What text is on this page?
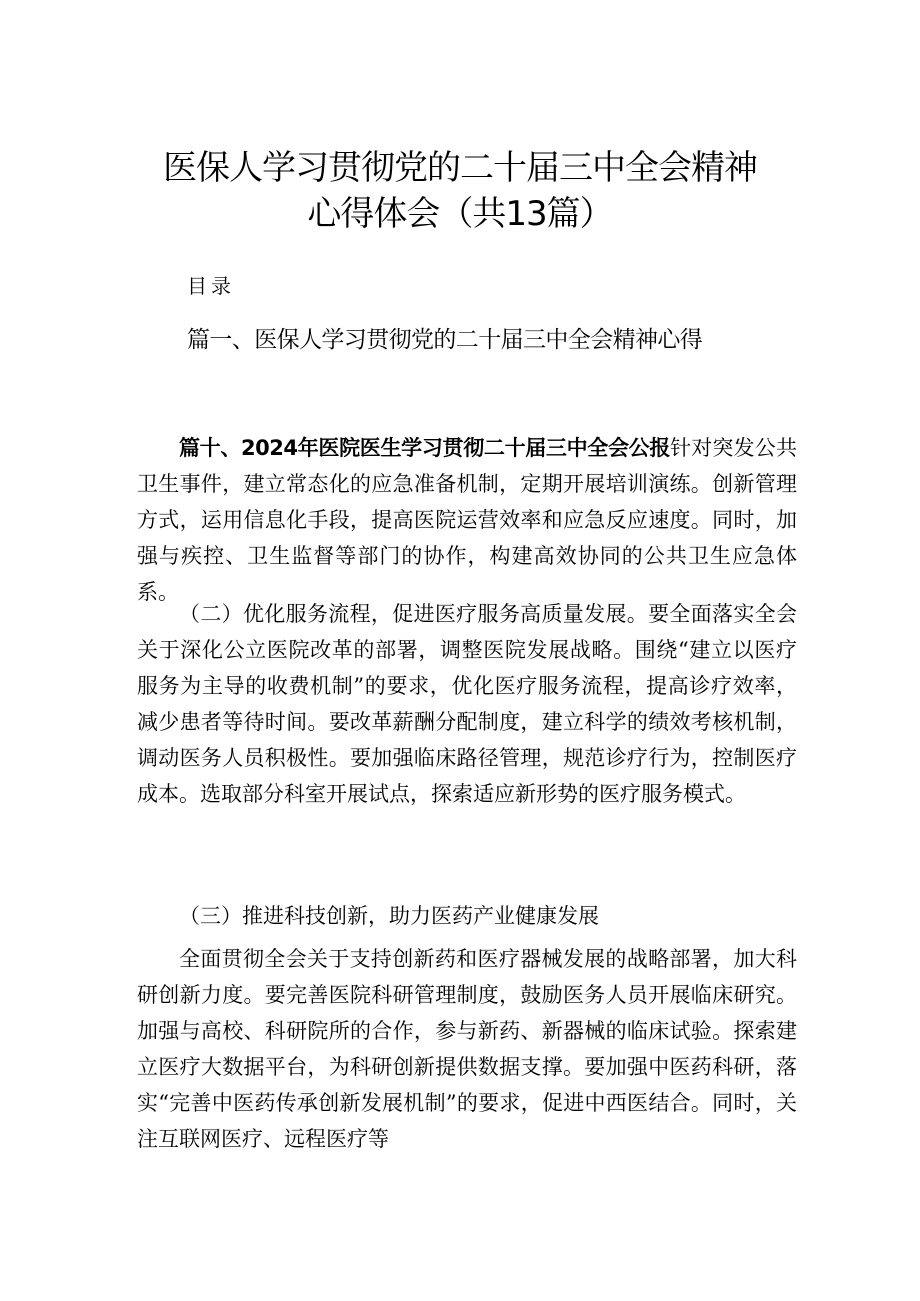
医保人学习贯彻党的二十届三中全会精神
心得体会（共13篇）
目录
篇一、医保人学习贯彻党的二十届三中全会精神心得

篇十、2024年医院医生学习贯彻二十届三中全会公报针对突发公共卫生事件，建立常态化的应急准备机制，定期开展培训演练。创新管理方式，运用信息化手段，提高医院运营效率和应急反应速度。同时，加强与疾控、卫生监督等部门的协作，构建高效协同的公共卫生应急体系。

（二）优化服务流程，促进医疗服务高质量发展。要全面落实全会关于深化公立医院改革的部署，调整医院发展战略。围绕“建立以医疗服务为主导的收费机制”的要求，优化医疗服务流程，提高诊疗效率，减少患者等待时间。要改革薪酬分配制度，建立科学的绩效考核机制，调动医务人员积极性。要加强临床路径管理，规范诊疗行为，控制医疗成本。选取部分科室开展试点，探索适应新形势的医疗服务模式。

（三）推进科技创新，助力医药产业健康发展

全面贯彻全会关于支持创新药和医疗器械发展的战略部署，加大科研创新力度。要完善医院科研管理制度，鼓励医务人员开展临床研究。加强与高校、科研院所的合作，参与新药、新器械的临床试验。探索建立医疗大数据平台，为科研创新提供数据支撑。要加强中医药科研，落实“完善中医药传承创新发展机制”的要求，促进中西医结合。同时，关注互联网医疗、远程医疗等
